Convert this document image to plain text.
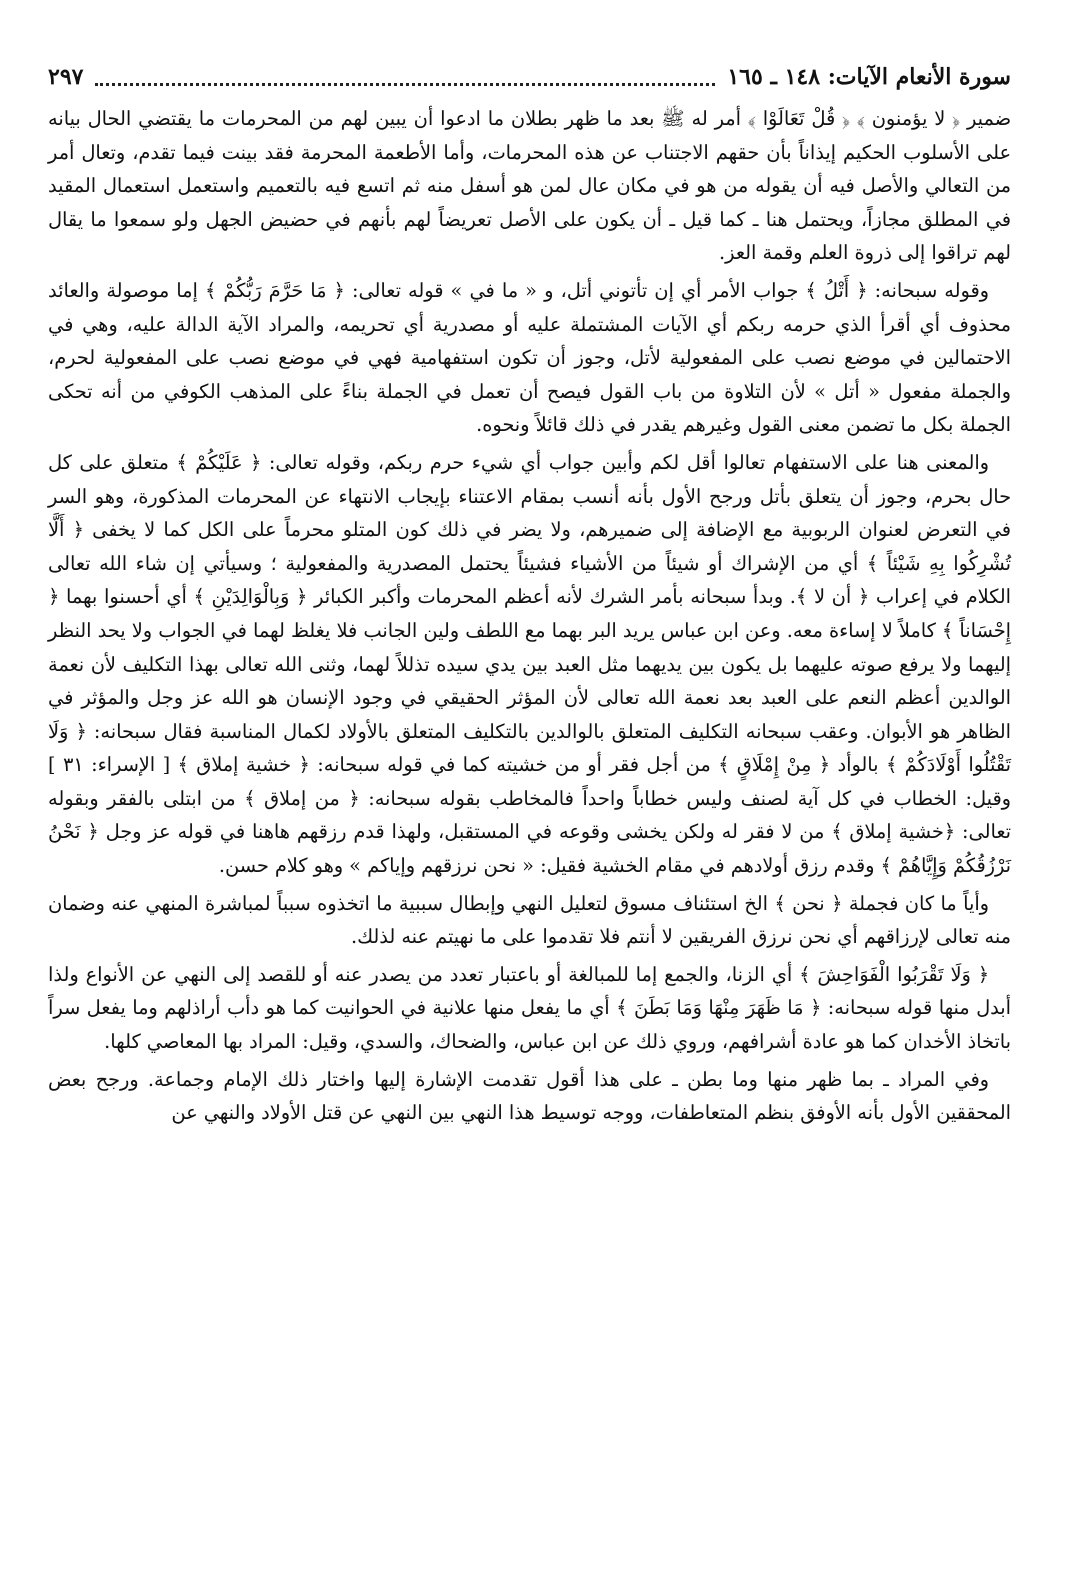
سورة الأنعام الآيات: ١٤٨ ـ ١٦٥
٢٩٧

ضمير ﴿ لا يؤمنون ﴾ ﴿ قُلْ تَعَالَوْا ﴾ أمر له ﷺ بعد ما ظهر بطلان ما ادعوا أن يبين لهم من المحرمات ما يقتضي الحال بيانه على الأسلوب الحكيم إيذاناً بأن حقهم الاجتناب عن هذه المحرمات، وأما الأطعمة المحرمة فقد بينت فيما تقدم، وتعال أمر من التعالي والأصل فيه أن يقوله من هو في مكان عال لمن هو أسفل منه ثم اتسع فيه بالتعميم واستعمل استعمال المقيد في المطلق مجازاً، ويحتمل هنا ـ كما قيل ـ أن يكون على الأصل تعريضاً لهم بأنهم في حضيض الجهل ولو سمعوا ما يقال لهم تراقوا إلى ذروة العلم وقمة العز.

وقوله سبحانه: ﴿ أَتْلُ ﴾ جواب الأمر أي إن تأتوني أتل، و « ما في » قوله تعالى: ﴿ مَا حَرَّمَ رَبُّكُمْ ﴾ إما موصولة والعائد محذوف أي أقرأ الذي حرمه ربكم أي الآيات المشتملة عليه أو مصدرية أي تحريمه، والمراد الآية الدالة عليه، وهي في الاحتمالين في موضع نصب على المفعولية لأتل، وجوز أن تكون استفهامية فهي في موضع نصب على المفعولية لحرم، والجملة مفعول « أتل » لأن التلاوة من باب القول فيصح أن تعمل في الجملة بناءً على المذهب الكوفي من أنه تحكى الجملة بكل ما تضمن معنى القول وغيرهم يقدر في ذلك قائلاً ونحوه.

والمعنى هنا على الاستفهام تعالوا أقل لكم وأبين جواب أي شيء حرم ربكم، وقوله تعالى: ﴿ عَلَيْكُمْ ﴾ متعلق على كل حال بحرم، وجوز أن يتعلق بأتل ورجح الأول بأنه أنسب بمقام الاعتناء بإيجاب الانتهاء عن المحرمات المذكورة، وهو السر في التعرض لعنوان الربوبية مع الإضافة إلى ضميرهم، ولا يضر في ذلك كون المتلو محرماً على الكل كما لا يخفى ﴿ أَلَّا تُشْرِكُوا بِهِ شَيْئاً ﴾ أي من الإشراك أو شيئاً من الأشياء فشيئاً يحتمل المصدرية والمفعولية ؛ وسيأتي إن شاء الله تعالى الكلام في إعراب ﴿ أن لا ﴾. وبدأ سبحانه بأمر الشرك لأنه أعظم المحرمات وأكبر الكبائر ﴿ وَبِالْوَالِدَيْنِ ﴾ أي أحسنوا بهما ﴿ إِحْسَاناً ﴾ كاملاً لا إساءة معه. وعن ابن عباس يريد البر بهما مع اللطف ولين الجانب فلا يغلظ لهما في الجواب ولا يحد النظر إليهما ولا يرفع صوته عليهما بل يكون بين يديهما مثل العبد بين يدي سيده تذللاً لهما، وثنى الله تعالى بهذا التكليف لأن نعمة الوالدين أعظم النعم على العبد بعد نعمة الله تعالى لأن المؤثر الحقيقي في وجود الإنسان هو الله عز وجل والمؤثر في الظاهر هو الأبوان. وعقب سبحانه التكليف المتعلق بالوالدين بالتكليف المتعلق بالأولاد لكمال المناسبة فقال سبحانه: ﴿ وَلَا تَقْتُلُوا أَوْلَادَكُمْ ﴾ بالوأد ﴿ مِنْ إِمْلَاقٍ ﴾ من أجل فقر أو من خشيته كما في قوله سبحانه: ﴿ خشية إملاق ﴾ [ الإسراء: ٣١ ] وقيل: الخطاب في كل آية لصنف وليس خطاباً واحداً فالمخاطب بقوله سبحانه: ﴿ من إملاق ﴾ من ابتلى بالفقر وبقوله تعالى: ﴿خشية إملاق ﴾ من لا فقر له ولكن يخشى وقوعه في المستقبل، ولهذا قدم رزقهم هاهنا في قوله عز وجل ﴿ نَحْنُ نَرْزُقُكُمْ وَإِيَّاهُمْ ﴾ وقدم رزق أولادهم في مقام الخشية فقيل: « نحن نرزقهم وإياكم » وهو كلام حسن.

وأياً ما كان فجملة ﴿ نحن ﴾ الخ استئناف مسوق لتعليل النهي وإبطال سببية ما اتخذوه سبباً لمباشرة المنهي عنه وضمان منه تعالى لإرزاقهم أي نحن نرزق الفريقين لا أنتم فلا تقدموا على ما نهيتم عنه لذلك.

﴿ وَلَا تَقْرَبُوا الْفَوَاحِشَ ﴾ أي الزنا، والجمع إما للمبالغة أو باعتبار تعدد من يصدر عنه أو للقصد إلى النهي عن الأنواع ولذا أبدل منها قوله سبحانه: ﴿ مَا ظَهَرَ مِنْهَا وَمَا بَطَنَ ﴾ أي ما يفعل منها علانية في الحوانيت كما هو دأب أراذلهم وما يفعل سراً باتخاذ الأخدان كما هو عادة أشرافهم، وروي ذلك عن ابن عباس، والضحاك، والسدي، وقيل: المراد بها المعاصي كلها.

وفي المراد ـ بما ظهر منها وما بطن ـ على هذا أقول تقدمت الإشارة إليها واختار ذلك الإمام وجماعة. ورجح بعض المحققين الأول بأنه الأوفق بنظم المتعاطفات، ووجه توسيط هذا النهي بين النهي عن قتل الأولاد والنهي عن
